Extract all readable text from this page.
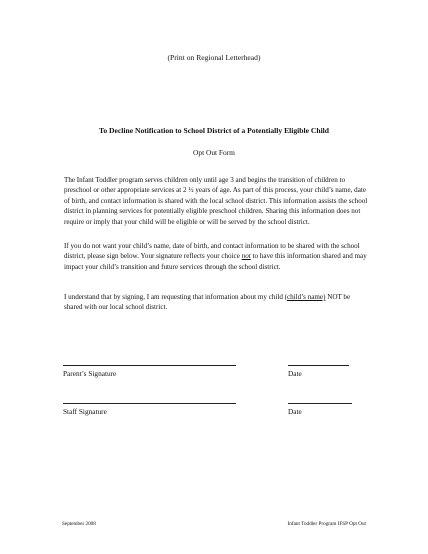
(Print on Regional Letterhead)
To Decline Notification to School District of a Potentially Eligible Child
Opt Out Form

The Infant Toddler program serves children only until age 3 and begins the transition of children to preschool or other appropriate services at 2 ½ years of age. As part of this process, your child’s name, date of birth, and contact information is shared with the local school district. This information assists the school district in planning services for potentially eligible preschool children. Sharing this information does not require or imply that your child will be eligible or will be served by the school district.

If you do not want your child’s name, date of birth, and contact information to be shared with the school district, please sign below. Your signature reflects your choice not to have this information shared and may impact your child’s transition and future services through the school district.

I understand that by signing, I am requesting that information about my child (child’s name) NOT be shared with our local school district.

Parent’s Signature	Date
Staff Signature	Date
September 2008	Infant Toddler Program IFSP Opt Out
